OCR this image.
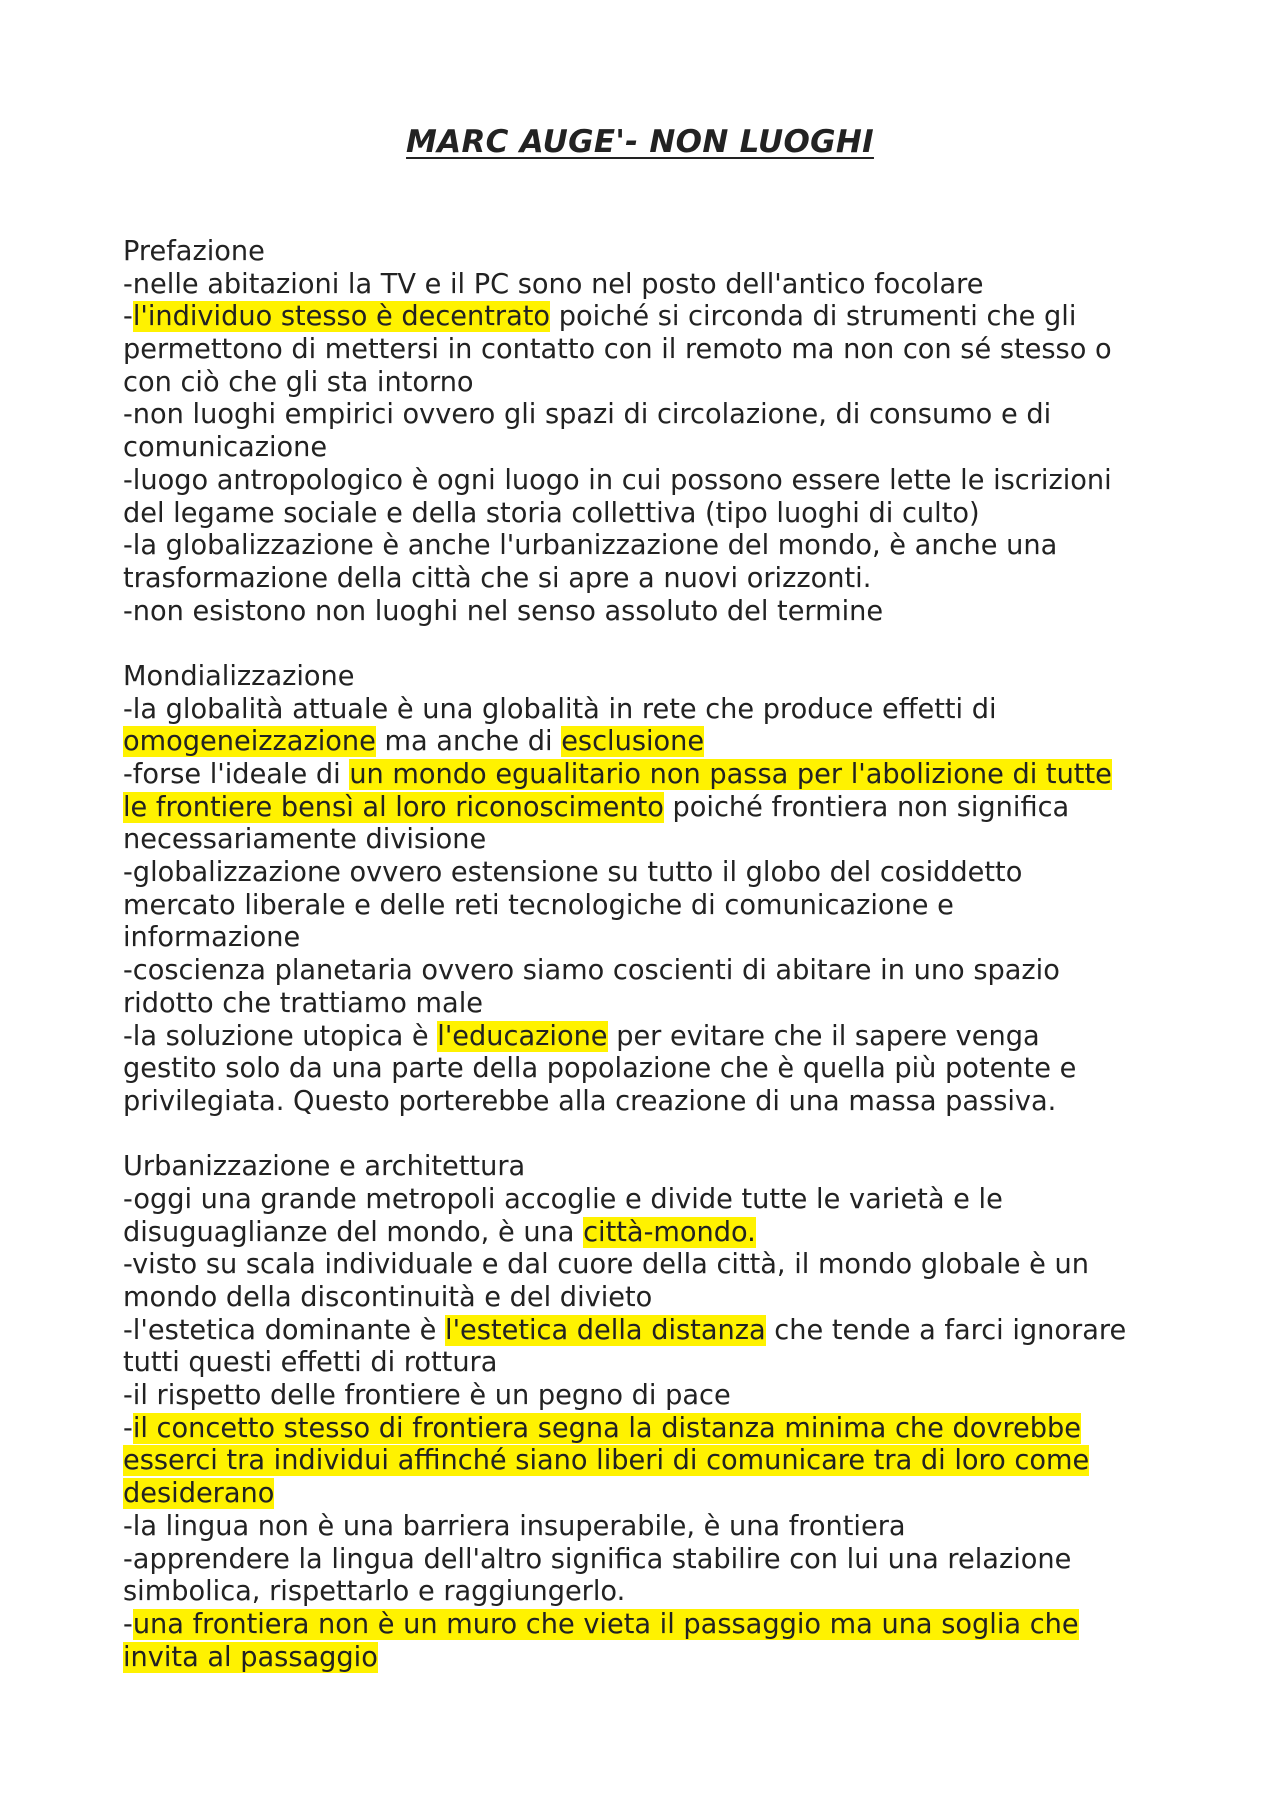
MARC AUGE'- NON LUOGHI
Prefazione
-nelle abitazioni la TV e il PC sono nel posto dell'antico focolare
-l'individuo stesso è decentrato poiché si circonda di strumenti che gli
permettono di mettersi in contatto con il remoto ma non con sé stesso o
con ciò che gli sta intorno
-non luoghi empirici ovvero gli spazi di circolazione, di consumo e di
comunicazione
-luogo antropologico è ogni luogo in cui possono essere lette le iscrizioni
del legame sociale e della storia collettiva (tipo luoghi di culto)
-la globalizzazione è anche l'urbanizzazione del mondo, è anche una
trasformazione della città che si apre a nuovi orizzonti.
-non esistono non luoghi nel senso assoluto del termine
Mondializzazione
-la globalità attuale è una globalità in rete che produce effetti di
omogeneizzazione ma anche di esclusione
-forse l'ideale di un mondo egualitario non passa per l'abolizione di tutte
le frontiere bensì al loro riconoscimento poiché frontiera non significa
necessariamente divisione
-globalizzazione ovvero estensione su tutto il globo del cosiddetto
mercato liberale e delle reti tecnologiche di comunicazione e
informazione
-coscienza planetaria ovvero siamo coscienti di abitare in uno spazio
ridotto che trattiamo male
-la soluzione utopica è l'educazione per evitare che il sapere venga
gestito solo da una parte della popolazione che è quella più potente e
privilegiata. Questo porterebbe alla creazione di una massa passiva.
Urbanizzazione e architettura
-oggi una grande metropoli accoglie e divide tutte le varietà e le
disuguaglianze del mondo, è una città-mondo.
-visto su scala individuale e dal cuore della città, il mondo globale è un
mondo della discontinuità e del divieto
-l'estetica dominante è l'estetica della distanza che tende a farci ignorare
tutti questi effetti di rottura
-il rispetto delle frontiere è un pegno di pace
-il concetto stesso di frontiera segna la distanza minima che dovrebbe
esserci tra individui affinché siano liberi di comunicare tra di loro come
desiderano
-la lingua non è una barriera insuperabile, è una frontiera
-apprendere la lingua dell'altro significa stabilire con lui una relazione
simbolica, rispettarlo e raggiungerlo.
-una frontiera non è un muro che vieta il passaggio ma una soglia che
invita al passaggio
